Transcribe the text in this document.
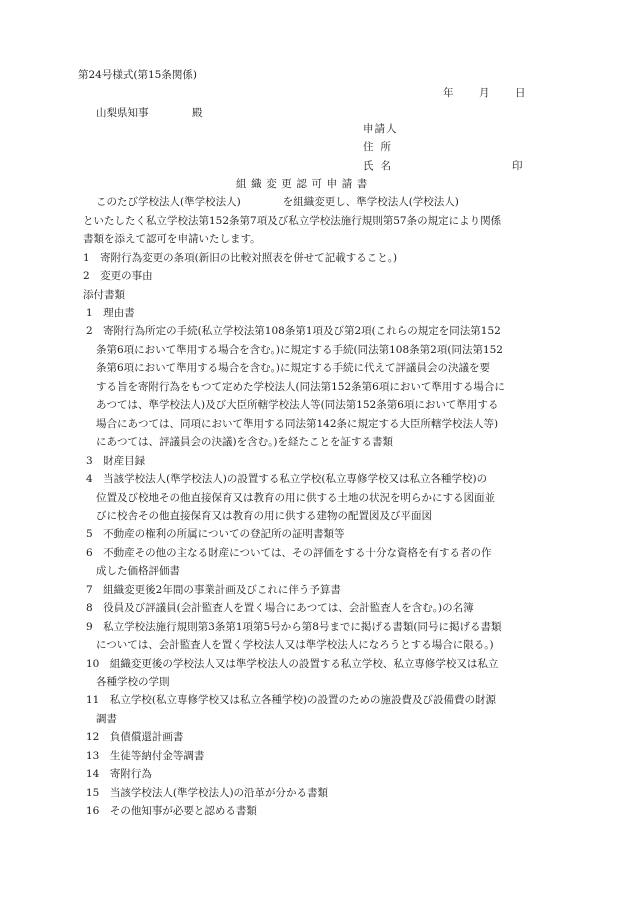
第24号様式(第15条関係)
年 月 日
山梨県知事	殿
申請人
住所
氏名	印
組織変更認可申請書
このたび学校法人(準学校法人)	を組織変更し、準学校法人(学校法人)
といたしたく私立学校法第152条第7項及び私立学校法施行規則第57条の規定により関係
書類を添えて認可を申請いたします。
1　寄附行為変更の条項(新旧の比較対照表を併せて記載すること。)
2　変更の事由
添付書類
1　理由書
2　寄附行為所定の手続(私立学校法第108条第1項及び第2項(これらの規定を同法第152
条第6項において準用する場合を含む。)に規定する手続(同法第108条第2項(同法第152
条第6項において準用する場合を含む。)に規定する手続に代えて評議員会の決議を要
する旨を寄附行為をもつて定めた学校法人(同法第152条第6項において準用する場合に
あつては、準学校法人)及び大臣所轄学校法人等(同法第152条第6項において準用する
場合にあつては、同項において準用する同法第142条に規定する大臣所轄学校法人等)
にあつては、評議員会の決議)を含む。)を経たことを証する書類
3　財産目録
4　当該学校法人(準学校法人)の設置する私立学校(私立専修学校又は私立各種学校)の
位置及び校地その他直接保育又は教育の用に供する土地の状況を明らかにする図面並
びに校舎その他直接保育又は教育の用に供する建物の配置図及び平面図
5　不動産の権利の所属についての登記所の証明書類等
6　不動産その他の主なる財産については、その評価をする十分な資格を有する者の作
成した価格評価書
7　組織変更後2年間の事業計画及びこれに伴う予算書
8　役員及び評議員(会計監査人を置く場合にあつては、会計監査人を含む。)の名簿
9　私立学校法施行規則第3条第1項第5号から第8号までに掲げる書類(同号に掲げる書類
については、会計監査人を置く学校法人又は準学校法人になろうとする場合に限る。)
10　組織変更後の学校法人又は準学校法人の設置する私立学校、私立専修学校又は私立
各種学校の学則
11　私立学校(私立専修学校又は私立各種学校)の設置のための施設費及び設備費の財源
調書
12　負債償還計画書
13　生徒等納付金等調書
14　寄附行為
15　当該学校法人(準学校法人)の沿革が分かる書類
16　その他知事が必要と認める書類
